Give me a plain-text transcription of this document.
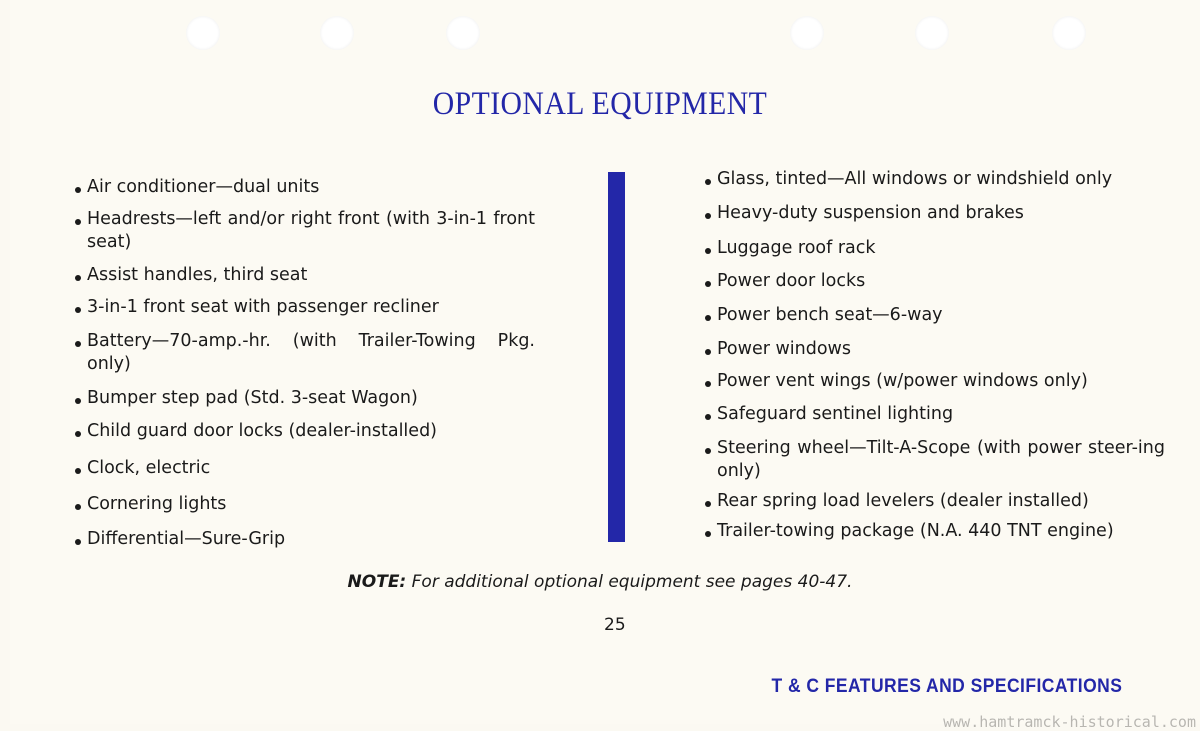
OPTIONAL EQUIPMENT
Air conditioner—dual units
Headrests—left and/or right front (with 3-in-1 front seat)
Assist handles, third seat
3-in-1 front seat with passenger recliner
Battery—70-amp.-hr. (with Trailer-Towing Pkg. only)
Bumper step pad (Std. 3-seat Wagon)
Child guard door locks (dealer-installed)
Clock, electric
Cornering lights
Differential—Sure-Grip
Glass, tinted—All windows or windshield only
Heavy-duty suspension and brakes
Luggage roof rack
Power door locks
Power bench seat—6-way
Power windows
Power vent wings (w/power windows only)
Safeguard sentinel lighting
Steering wheel—Tilt-A-Scope (with power steer-ing only)
Rear spring load levelers (dealer installed)
Trailer-towing package (N.A. 440 TNT engine)
NOTE: For additional optional equipment see pages 40-47.
25
T & C FEATURES AND SPECIFICATIONS
www.hamtramck-historical.com
